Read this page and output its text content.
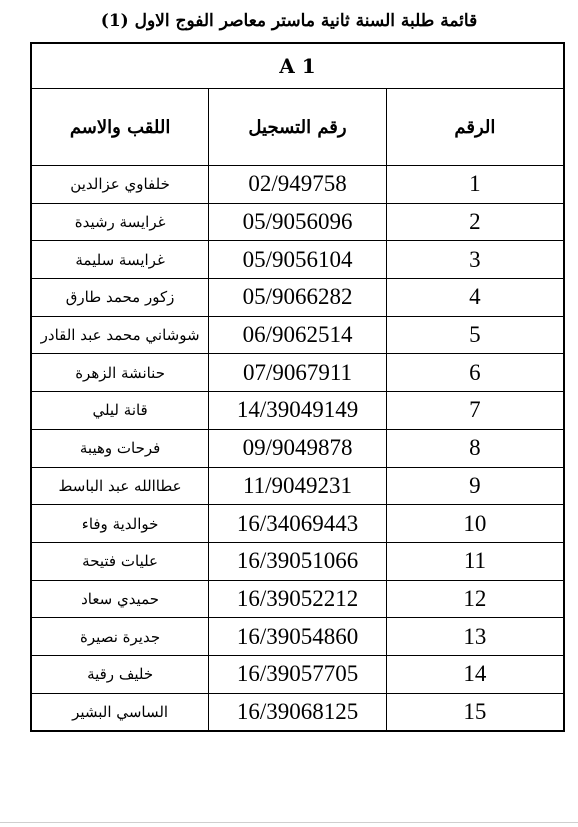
قائمة طلبة السنة ثانية ماستر معاصر الفوج الاول (1)
1 A		
الرقم	رقم التسجيل	اللقب والاسم
1	02/949758	خلفاوي عزالدين
2	05/9056096	غرايسة رشيدة
3	05/9056104	غرايسة سليمة
4	05/9066282	زكور محمد طارق
5	06/9062514	شوشاني محمد عبد القادر
6	07/9067911	حنانشة الزهرة
7	14/39049149	قانة ليلي
8	09/9049878	فرحات وهيبة
9	11/9049231	عطاالله عبد الباسط
10	16/34069443	خوالدية وفاء
11	16/39051066	عليات فتيحة
12	16/39052212	حميدي سعاد
13	16/39054860	جديرة نصيرة
14	16/39057705	خليف رقية
15	16/39068125	الساسي البشير
